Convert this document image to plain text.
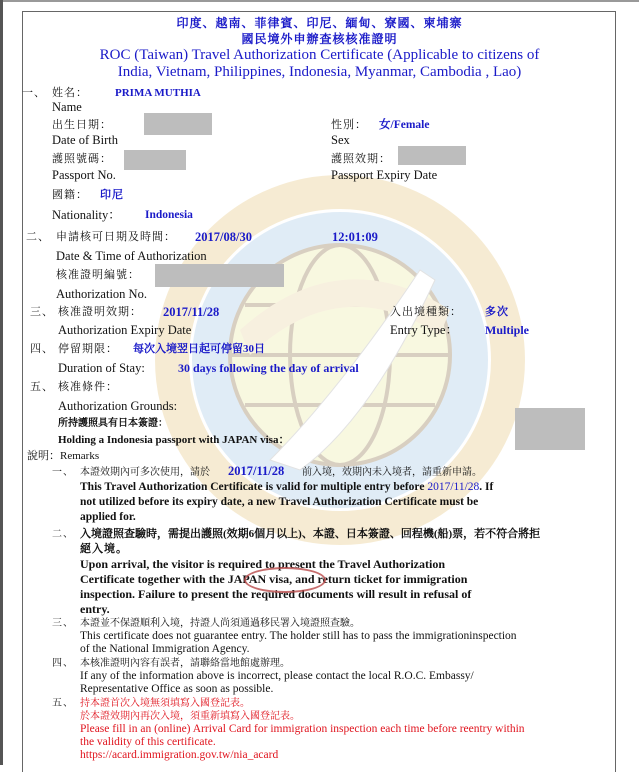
印度、越南、菲律賓、印尼、緬甸、寮國、柬埔寨
國民境外申辦查核核准證明
ROC (Taiwan) Travel Authorization Certificate (Applicable to citizens of
India, Vietnam, Philippines, Indonesia, Myanmar, Cambodia , Lao)
一、 姓名： PRIMA MUTHIA
Name
出生日期：
Date of Birth
性別： 女/Female
Sex
護照號碼：
Passport No.
護照效期：
Passport Expiry Date
國籍： 印尼
Nationality： Indonesia
二、 申請核可日期及時間： 2017/08/30	12:01:09
Date & Time of Authorization
核准證明編號：
Authorization No.
三、 核准證明效期： 2017/11/28
Authorization Expiry Date
入出境種類： 多次
Entry Type： Multiple
四、 停留期限： 每次入境翌日起可停留30日
Duration of Stay:	30 days following the day of arrival
五、 核准條件：
Authorization Grounds:
所持護照具有日本簽證：
Holding a Indonesia passport with JAPAN visa：
說明：Remarks
一、 本證效期內可多次使用，請於 2017/11/28 前入境，效期內未入境者，請重新申請。
This Travel Authorization Certificate is valid for multiple entry before 2017/11/28. If
not utilized before its expiry date, a new Travel Authorization Certificate must be
applied for.
二、 入境證照查驗時，需提出護照(效期6個月以上)、本證、日本簽證、回程機(船)票，若不符合將拒
絕入境。
Upon arrival, the visitor is required to present the Travel Authorization
Certificate together with the JAPAN visa, and return ticket for immigration
inspection. Failure to present the required documents will result in refusal of
entry.
三、 本證並不保證順利入境，持證人尚須通過移民署入境證照查驗。
This certificate does not guarantee entry. The holder still has to pass the immigrationinspection
of the National Immigration Agency.
四、 本核准證明內容有誤者，請聯絡當地館處辦理。
If any of the information above is incorrect, please contact the local R.O.C. Embassy/
Representative Office as soon as possible.
五、 持本證首次入境無須填寫入國登記表。
於本證效期內再次入境，須重新填寫入國登記表。
Please fill in an (online) Arrival Card for immigration inspection each time before reentry within
the validity of this certificate.
https://acard.immigration.gov.tw/nia_acard
